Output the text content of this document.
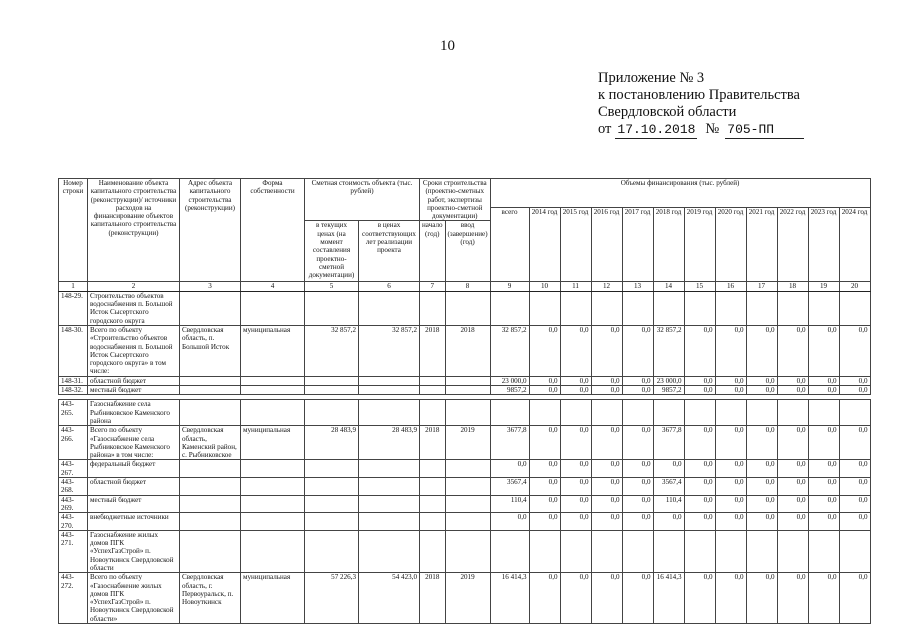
10
Приложение № 3
к постановлению Правительства
Свердловской области
от 17.10.2018 № 705-ПП
Номер строки	Наименование объекта капитального строительства (реконструкции)/ источники расходов на финансирование объектов капитального строительства (реконструкции)	Адрес объекта капитального строительства (реконструкции)	Форма собственности	Сметная стоимость объекта (тыс. рублей)		Сроки строительства (проектно-сметных работ, экспертизы проектно-сметной документации)		Объемы финансирования (тыс. рублей)											
								всего	2014 год	2015 год	2016 год	2017 год	2018 год	2019 год	2020 год	2021 год	2022 год	2023 год	2024 год
				в текущих ценах (на момент составления проектно-сметной документации)	в ценах соответствующих лет реализации проекта	начало (год)	ввод (завершение) (год)												
1	2	3	4	5	6	7	8	9	10	11	12	13	14	15	16	17	18	19	20
148-29.	Строительство объектов водоснабжения п. Большой Исток Сысертского городского округа																		
148-30.	Всего по объекту «Строительство объектов водоснабжения п. Большой Исток Сысертского городского округа» в том числе:	Свердловская область, п. Большой Исток	муниципальная	32 857,2	32 857,2	2018	2018	32 857,2	0,0	0,0	0,0	0,0	32 857,2	0,0	0,0	0,0	0,0	0,0	0,0
148-31.	областной бюджет							23 000,0	0,0	0,0	0,0	0,0	23 000,0	0,0	0,0	0,0	0,0	0,0	0,0
148-32.	местный бюджет							9857,2	0,0	0,0	0,0	0,0	9857,2	0,0	0,0	0,0	0,0	0,0	0,0

443-265.	Газоснабжение села Рыбниковское Каменского района																		
443-266.	Всего по объекту «Газоснабжение села Рыбниковское Каменского района» в том числе:	Свердловская область, Каменский район, с. Рыбниковское	муниципальная	28 483,9	28 483,9	2018	2019	3677,8	0,0	0,0	0,0	0,0	3677,8	0,0	0,0	0,0	0,0	0,0	0,0
443-267.	федеральный бюджет							0,0	0,0	0,0	0,0	0,0	0,0	0,0	0,0	0,0	0,0	0,0	0,0
443-268.	областной бюджет							3567,4	0,0	0,0	0,0	0,0	3567,4	0,0	0,0	0,0	0,0	0,0	0,0
443-269.	местный бюджет							110,4	0,0	0,0	0,0	0,0	110,4	0,0	0,0	0,0	0,0	0,0	0,0
443-270.	внебюджетные источники							0,0	0,0	0,0	0,0	0,0	0,0	0,0	0,0	0,0	0,0	0,0	0,0
443-271.	Газоснабжение жилых домов ПГК «УспехГазСтрой» п. Новоуткинск Свердловской области																		
443-272.	Всего по объекту «Газоснабжение жилых домов ПГК «УспехГазСтрой» п. Новоуткинск Свердловской области»	Свердловская область, г. Первоуральск, п. Новоуткинск	муниципальная	57 226,3	54 423,0	2018	2019	16 414,3	0,0	0,0	0,0	0,0	16 414,3	0,0	0,0	0,0	0,0	0,0	0,0
